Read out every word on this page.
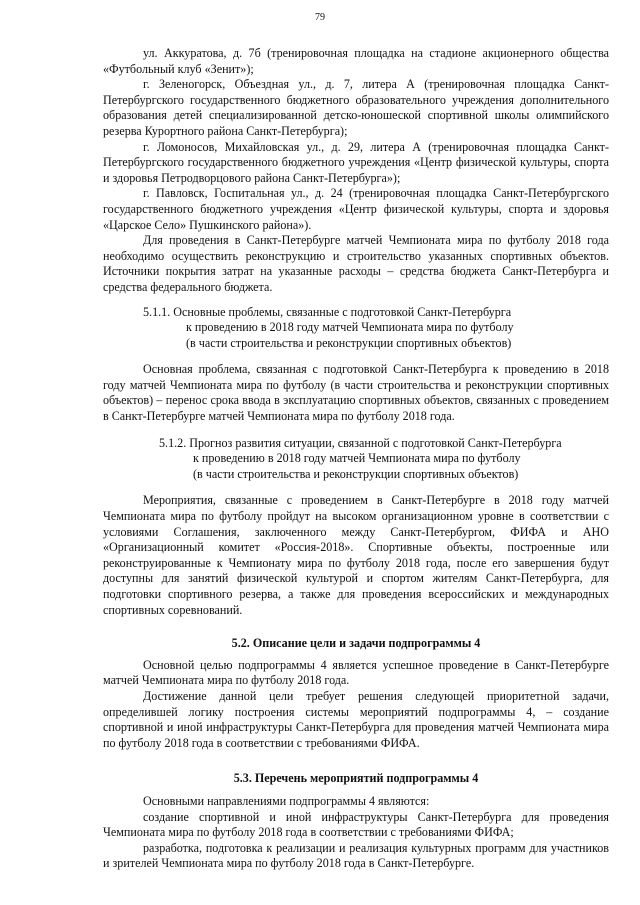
79

ул. Аккуратова, д. 7б (тренировочная площадка на стадионе акционерного общества «Футбольный клуб «Зенит»);

г. Зеленогорск, Объездная ул., д. 7, литера А (тренировочная площадка Санкт-Петербургского государственного бюджетного образовательного учреждения дополнительного образования детей специализированной детско-юношеской спортивной школы олимпийского резерва Курортного района Санкт-Петербурга);

г. Ломоносов, Михайловская ул., д. 29, литера А (тренировочная площадка Санкт-Петербургского государственного бюджетного учреждения «Центр физической культуры, спорта и здоровья Петродворцового района Санкт-Петербурга»);

г. Павловск, Госпитальная ул., д. 24 (тренировочная площадка Санкт-Петербургского государственного бюджетного учреждения «Центр физической культуры, спорта и здоровья «Царское Село» Пушкинского района»).

Для проведения в Санкт-Петербурге матчей Чемпионата мира по футболу 2018 года необходимо осуществить реконструкцию и строительство указанных спортивных объектов. Источники покрытия затрат на указанные расходы – средства бюджета Санкт-Петербурга и средства федерального бюджета.

5.1.1. Основные проблемы, связанные с подготовкой Санкт-Петербурга
к проведению в 2018 году матчей Чемпионата мира по футболу
(в части строительства и реконструкции спортивных объектов)

Основная проблема, связанная с подготовкой Санкт-Петербурга к проведению в 2018 году матчей Чемпионата мира по футболу (в части строительства и реконструкции спортивных объектов) – перенос срока ввода в эксплуатацию спортивных объектов, связанных с проведением в Санкт-Петербурге матчей Чемпионата мира по футболу 2018 года.

5.1.2. Прогноз развития ситуации, связанной с подготовкой Санкт-Петербурга
к проведению в 2018 году матчей Чемпионата мира по футболу
(в части строительства и реконструкции спортивных объектов)

Мероприятия, связанные с проведением в Санкт-Петербурге в 2018 году матчей Чемпионата мира по футболу пройдут на высоком организационном уровне в соответствии с условиями Соглашения, заключенного между Санкт-Петербургом, ФИФА и АНО «Организационный комитет «Россия-2018». Спортивные объекты, построенные или реконструированные к Чемпионату мира по футболу 2018 года, после его завершения будут доступны для занятий физической культурой и спортом жителям Санкт-Петербурга, для подготовки спортивного резерва, а также для проведения всероссийских и международных спортивных соревнований.

5.2. Описание цели и задачи подпрограммы 4

Основной целью подпрограммы 4 является успешное проведение в Санкт-Петербурге матчей Чемпионата мира по футболу 2018 года.

Достижение данной цели требует решения следующей приоритетной задачи, определившей логику построения системы мероприятий подпрограммы 4, – создание спортивной и иной инфраструктуры Санкт-Петербурга для проведения матчей Чемпионата мира по футболу 2018 года в соответствии с требованиями ФИФА.

5.3. Перечень мероприятий подпрограммы 4

Основными направлениями подпрограммы 4 являются:

создание спортивной и иной инфраструктуры Санкт-Петербурга для проведения Чемпионата мира по футболу 2018 года в соответствии с требованиями ФИФА;

разработка, подготовка к реализации и реализация культурных программ для участников и зрителей Чемпионата мира по футболу 2018 года в Санкт-Петербурге.
